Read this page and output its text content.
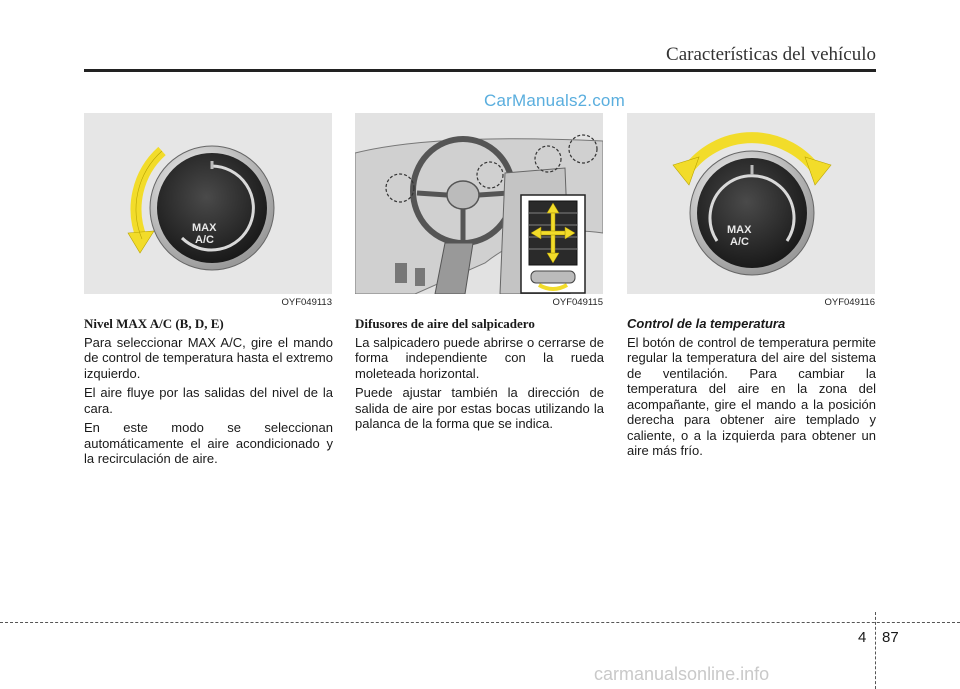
Características del vehículo
CarManuals2.com
MAX
A/C
OYF049113	OYF049115
MAX
A/C
OYF049116
Nivel MAX A/C (B, D, E)

Para seleccionar MAX A/C, gire el mando de control de temperatura hasta el extremo izquierdo.

El aire fluye por las salidas del nivel de la cara.

En este modo se seleccionan automáticamente el aire acondicionado y la recirculación de aire.

Difusores de aire del salpicadero

La salpicadero puede abrirse o cerrarse de forma independiente con la rueda moleteada horizontal.

Puede ajustar también la dirección de salida de aire por estas bocas utilizando la palanca de la forma que se indica.

Control de la temperatura

El botón de control de temperatura permite regular la temperatura del aire del sistema de ventilación. Para cambiar la temperatura del aire en la zona del acompañante, gire el mando a la posición derecha para obtener aire templado y caliente, o a la izquierda para obtener un aire más frío.

4 87
carmanualsonline.info
